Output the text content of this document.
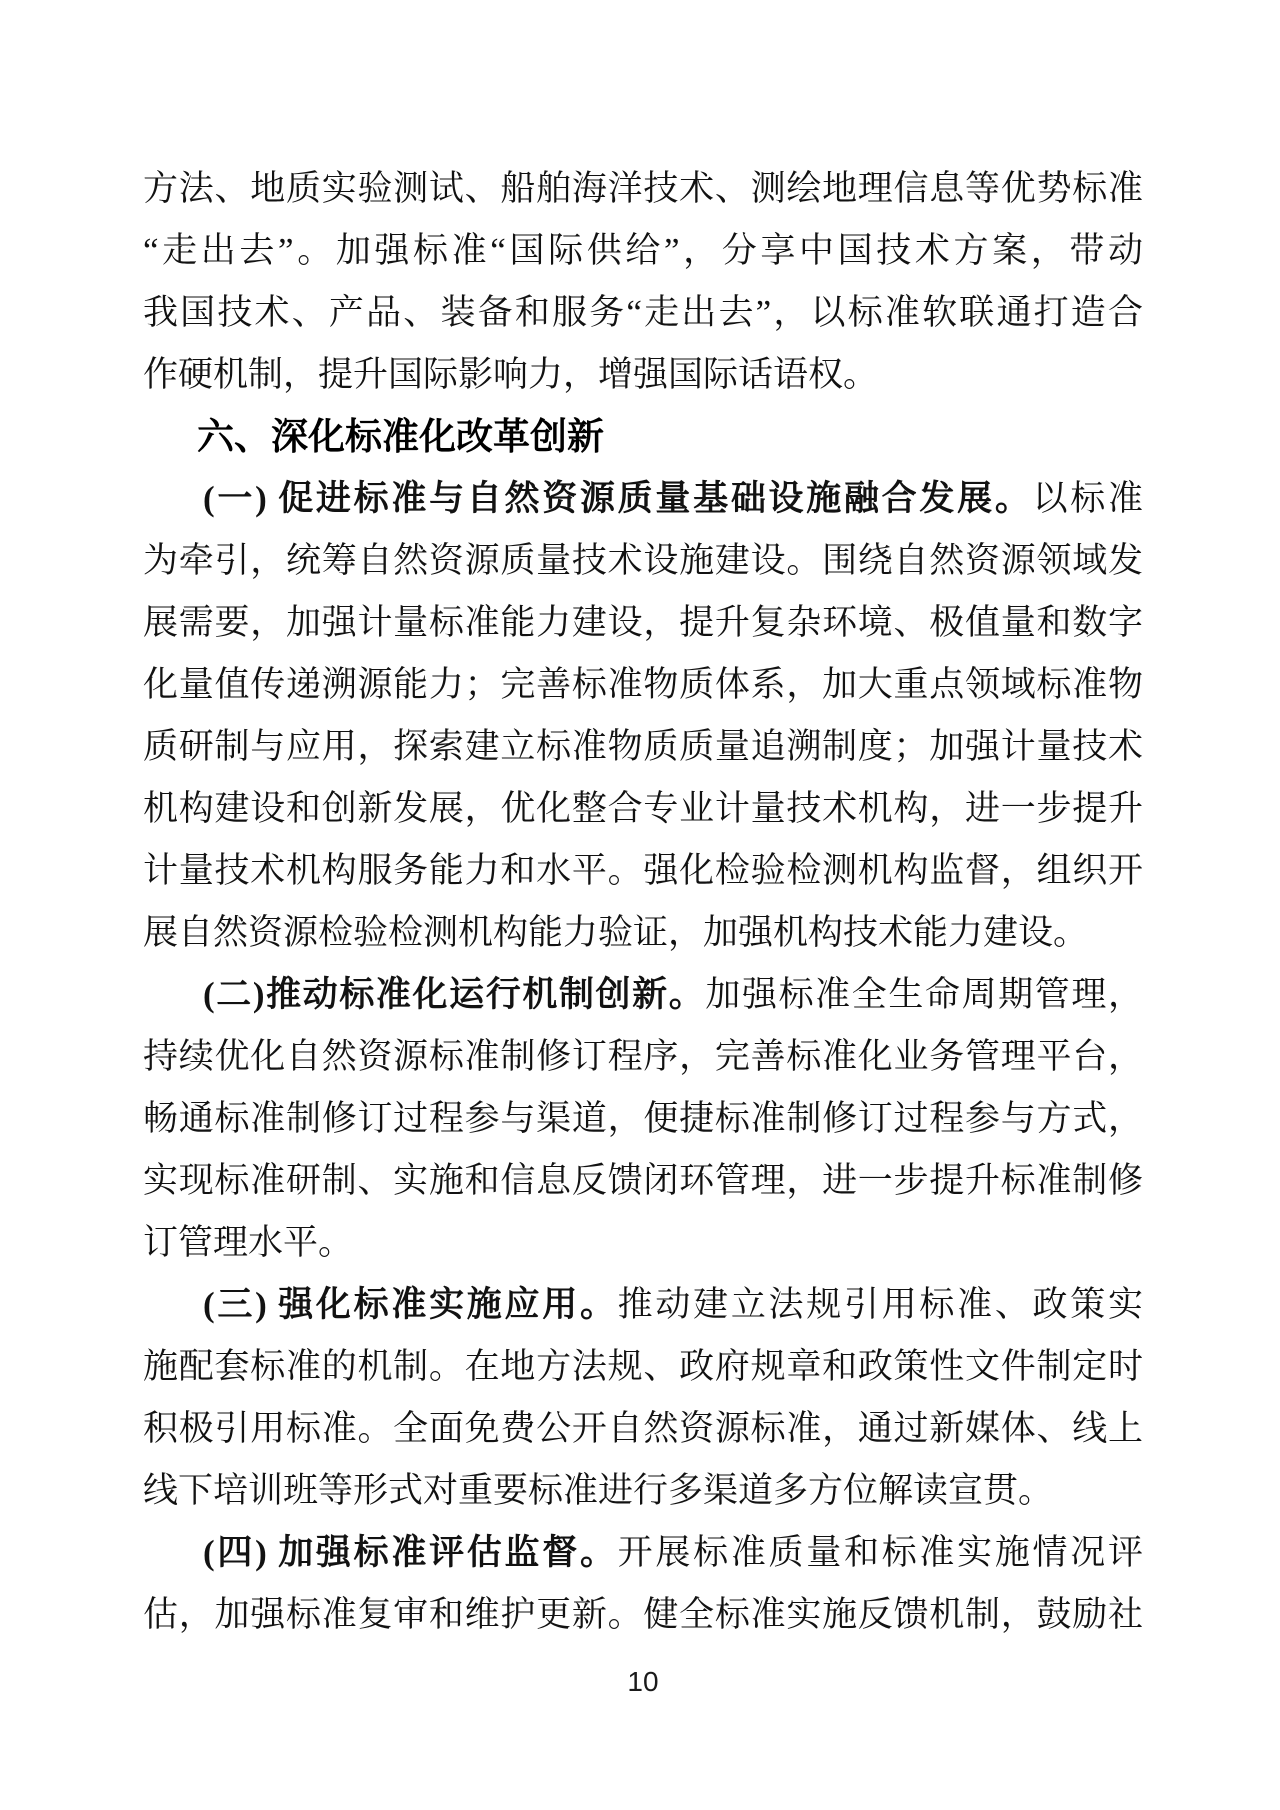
方法、地质实验测试、船舶海洋技术、测绘地理信息等优势标准
“走出去”。加强标准“国际供给”，分享中国技术方案，带动
我国技术、产品、装备和服务“走出去”，以标准软联通打造合
作硬机制，提升国际影响力，增强国际话语权。
六、深化标准化改革创新
(一) 促进标准与自然资源质量基础设施融合发展。以标准
为牵引，统筹自然资源质量技术设施建设。围绕自然资源领域发
展需要，加强计量标准能力建设，提升复杂环境、极值量和数字
化量值传递溯源能力；完善标准物质体系，加大重点领域标准物
质研制与应用，探索建立标准物质质量追溯制度；加强计量技术
机构建设和创新发展，优化整合专业计量技术机构，进一步提升
计量技术机构服务能力和水平。强化检验检测机构监督，组织开
展自然资源检验检测机构能力验证，加强机构技术能力建设。
(二)推动标准化运行机制创新。加强标准全生命周期管理，
持续优化自然资源标准制修订程序，完善标准化业务管理平台，
畅通标准制修订过程参与渠道，便捷标准制修订过程参与方式，
实现标准研制、实施和信息反馈闭环管理，进一步提升标准制修
订管理水平。
(三) 强化标准实施应用。推动建立法规引用标准、政策实
施配套标准的机制。在地方法规、政府规章和政策性文件制定时
积极引用标准。全面免费公开自然资源标准，通过新媒体、线上
线下培训班等形式对重要标准进行多渠道多方位解读宣贯。
(四) 加强标准评估监督。开展标准质量和标准实施情况评
估，加强标准复审和维护更新。健全标准实施反馈机制，鼓励社
10
